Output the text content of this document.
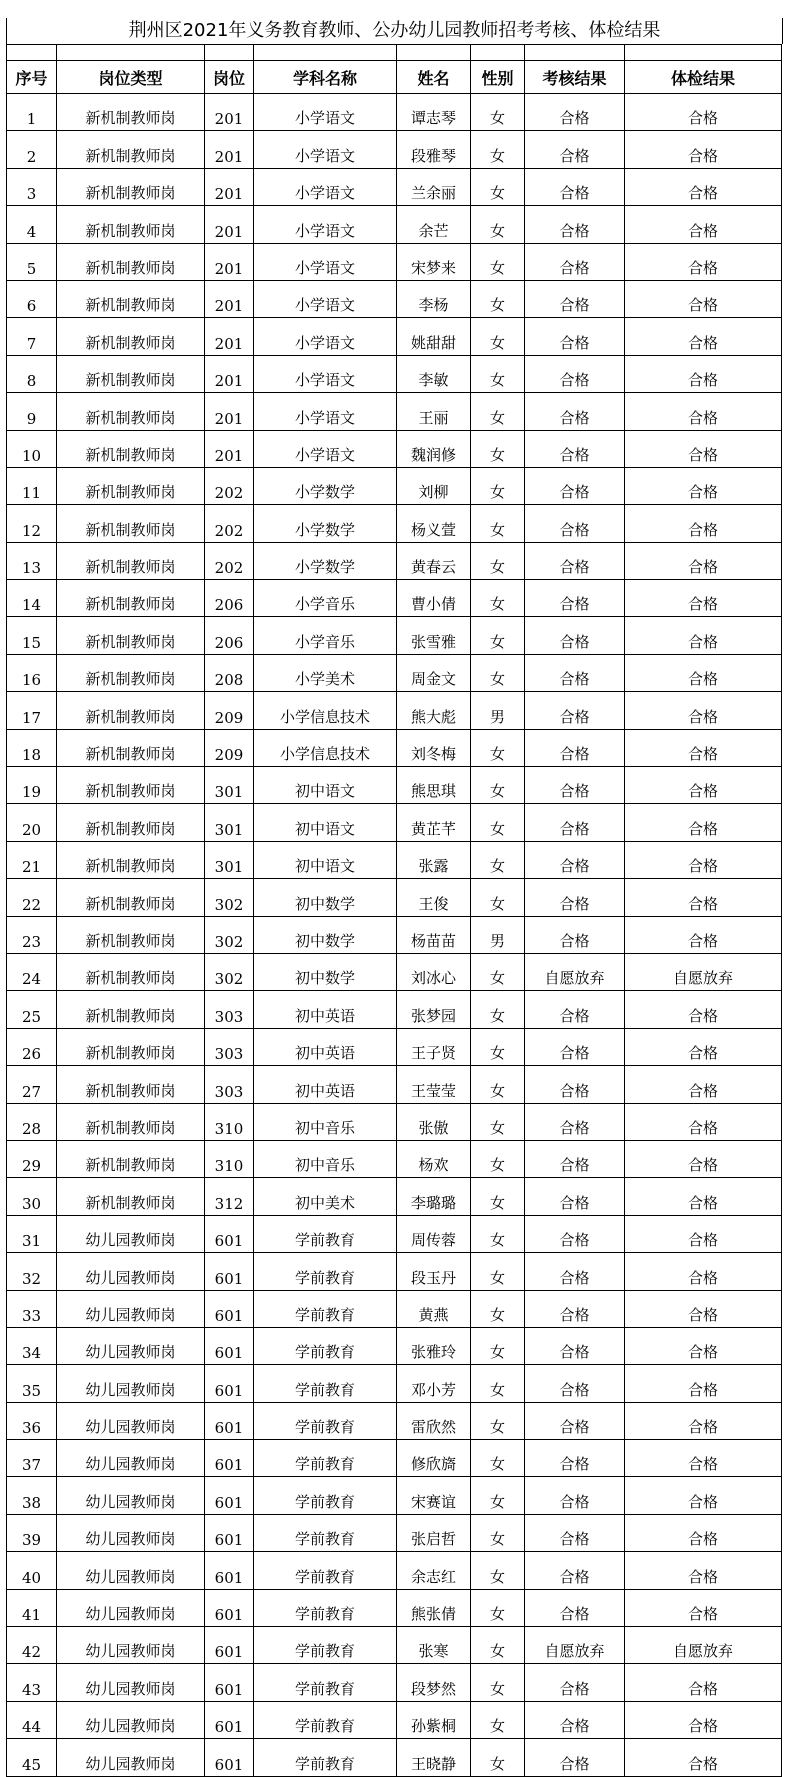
荆州区2021年义务教育教师、公办幼儿园教师招考考核、体检结果

序号	岗位类型	岗位	学科名称	姓名	性别	考核结果	体检结果
1	新机制教师岗	201	小学语文	谭志琴	女	合格	合格
2	新机制教师岗	201	小学语文	段雅琴	女	合格	合格
3	新机制教师岗	201	小学语文	兰余丽	女	合格	合格
4	新机制教师岗	201	小学语文	余芒	女	合格	合格
5	新机制教师岗	201	小学语文	宋梦来	女	合格	合格
6	新机制教师岗	201	小学语文	李杨	女	合格	合格
7	新机制教师岗	201	小学语文	姚甜甜	女	合格	合格
8	新机制教师岗	201	小学语文	李敏	女	合格	合格
9	新机制教师岗	201	小学语文	王丽	女	合格	合格
10	新机制教师岗	201	小学语文	魏润修	女	合格	合格
11	新机制教师岗	202	小学数学	刘柳	女	合格	合格
12	新机制教师岗	202	小学数学	杨义萱	女	合格	合格
13	新机制教师岗	202	小学数学	黄春云	女	合格	合格
14	新机制教师岗	206	小学音乐	曹小倩	女	合格	合格
15	新机制教师岗	206	小学音乐	张雪雅	女	合格	合格
16	新机制教师岗	208	小学美术	周金文	女	合格	合格
17	新机制教师岗	209	小学信息技术	熊大彪	男	合格	合格
18	新机制教师岗	209	小学信息技术	刘冬梅	女	合格	合格
19	新机制教师岗	301	初中语文	熊思琪	女	合格	合格
20	新机制教师岗	301	初中语文	黄芷芊	女	合格	合格
21	新机制教师岗	301	初中语文	张露	女	合格	合格
22	新机制教师岗	302	初中数学	王俊	女	合格	合格
23	新机制教师岗	302	初中数学	杨苗苗	男	合格	合格
24	新机制教师岗	302	初中数学	刘冰心	女	自愿放弃	自愿放弃
25	新机制教师岗	303	初中英语	张梦园	女	合格	合格
26	新机制教师岗	303	初中英语	王子贤	女	合格	合格
27	新机制教师岗	303	初中英语	王莹莹	女	合格	合格
28	新机制教师岗	310	初中音乐	张傲	女	合格	合格
29	新机制教师岗	310	初中音乐	杨欢	女	合格	合格
30	新机制教师岗	312	初中美术	李璐璐	女	合格	合格
31	幼儿园教师岗	601	学前教育	周传蓉	女	合格	合格
32	幼儿园教师岗	601	学前教育	段玉丹	女	合格	合格
33	幼儿园教师岗	601	学前教育	黄燕	女	合格	合格
34	幼儿园教师岗	601	学前教育	张雅玲	女	合格	合格
35	幼儿园教师岗	601	学前教育	邓小芳	女	合格	合格
36	幼儿园教师岗	601	学前教育	雷欣然	女	合格	合格
37	幼儿园教师岗	601	学前教育	修欣旖	女	合格	合格
38	幼儿园教师岗	601	学前教育	宋赛谊	女	合格	合格
39	幼儿园教师岗	601	学前教育	张启哲	女	合格	合格
40	幼儿园教师岗	601	学前教育	余志红	女	合格	合格
41	幼儿园教师岗	601	学前教育	熊张倩	女	合格	合格
42	幼儿园教师岗	601	学前教育	张寒	女	自愿放弃	自愿放弃
43	幼儿园教师岗	601	学前教育	段梦然	女	合格	合格
44	幼儿园教师岗	601	学前教育	孙紫桐	女	合格	合格
45	幼儿园教师岗	601	学前教育	王晓静	女	合格	合格
